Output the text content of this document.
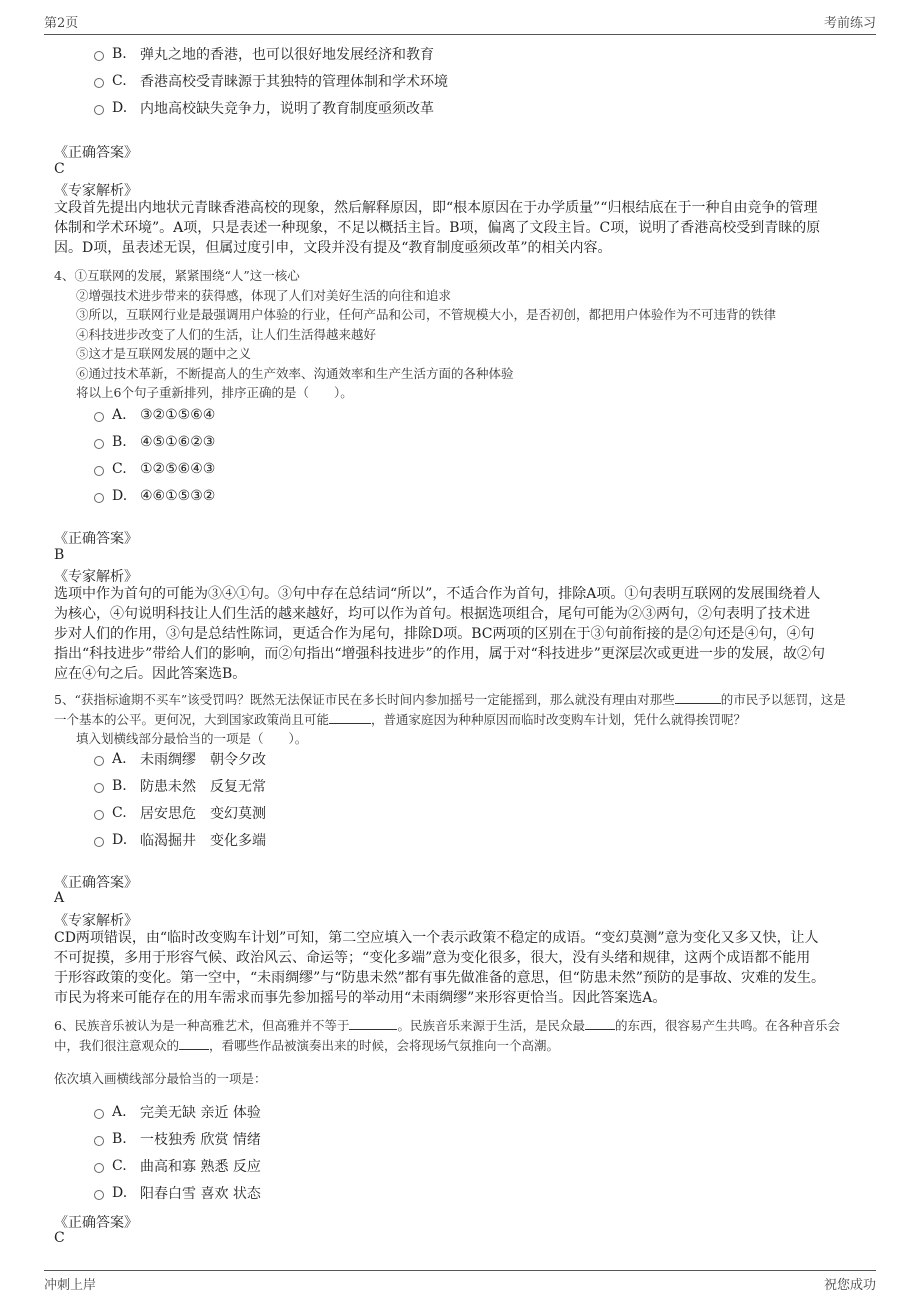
第2页	考前练习
B. 弹丸之地的香港，也可以很好地发展经济和教育
C. 香港高校受青睐源于其独特的管理体制和学术环境
D. 内地高校缺失竞争力，说明了教育制度亟须改革
《正确答案》
C
《专家解析》
文段首先提出内地状元青睐香港高校的现象，然后解释原因，即“根本原因在于办学质量”“归根结底在于一种自由竞争的管理
体制和学术环境”。A项，只是表述一种现象，不足以概括主旨。B项，偏离了文段主旨。C项，说明了香港高校受到青睐的原
因。D项，虽表述无误，但属过度引申，文段并没有提及“教育制度亟须改革”的相关内容。
4、①互联网的发展，紧紧围绕“人”这一核心
②增强技术进步带来的获得感，体现了人们对美好生活的向往和追求
③所以，互联网行业是最强调用户体验的行业，任何产品和公司，不管规模大小，是否初创，都把用户体验作为不可违背的铁律
④科技进步改变了人们的生活，让人们生活得越来越好
⑤这才是互联网发展的题中之义
⑥通过技术革新，不断提高人的生产效率、沟通效率和生产生活方面的各种体验
将以上6个句子重新排列，排序正确的是（　　）。
A. ③②①⑤⑥④
B. ④⑤①⑥②③
C. ①②⑤⑥④③
D. ④⑥①⑤③②
《正确答案》
B
《专家解析》
选项中作为首句的可能为③④①句。③句中存在总结词“所以”，不适合作为首句，排除A项。①句表明互联网的发展围绕着人
为核心，④句说明科技让人们生活的越来越好，均可以作为首句。根据选项组合，尾句可能为②③两句，②句表明了技术进
步对人们的作用，③句是总结性陈词，更适合作为尾句，排除D项。BC两项的区别在于③句前衔接的是②句还是④句，④句
指出“科技进步”带给人们的影响，而②句指出“增强科技进步”的作用，属于对“科技进步”更深层次或更进一步的发展，故②句
应在④句之后。因此答案选B。
5、“获指标逾期不买车”该受罚吗？既然无法保证市民在多长时间内参加摇号一定能摇到，那么就没有理由对那些	的市民予以惩罚，这是
一个基本的公平。更何况，大到国家政策尚且可能	，普通家庭因为种种原因而临时改变购车计划，凭什么就得挨罚呢？
填入划横线部分最恰当的一项是（　　）。
A. 未雨绸缪　朝令夕改
B. 防患未然　反复无常
C. 居安思危　变幻莫测
D. 临渴掘井　变化多端
《正确答案》
A
《专家解析》
CD两项错误，由“临时改变购车计划”可知，第二空应填入一个表示政策不稳定的成语。“变幻莫测”意为变化又多又快，让人
不可捉摸，多用于形容气候、政治风云、命运等；“变化多端”意为变化很多，很大，没有头绪和规律，这两个成语都不能用
于形容政策的变化。第一空中，“未雨绸缪”与“防患未然”都有事先做准备的意思，但“防患未然”预防的是事故、灾难的发生。
市民为将来可能存在的用车需求而事先参加摇号的举动用“未雨绸缪”来形容更恰当。因此答案选A。
6、民族音乐被认为是一种高雅艺术，但高雅并不等于	。民族音乐来源于生活，是民众最 的东西，很容易产生共鸣。在各种音乐会
中，我们很注意观众的 ，看哪些作品被演奏出来的时候，会将现场气氛推向一个高潮。
依次填入画横线部分最恰当的一项是：
A. 完美无缺 亲近 体验
B. 一枝独秀 欣赏 情绪
C. 曲高和寡 熟悉 反应
D. 阳春白雪 喜欢 状态
《正确答案》
C
冲刺上岸	祝您成功
